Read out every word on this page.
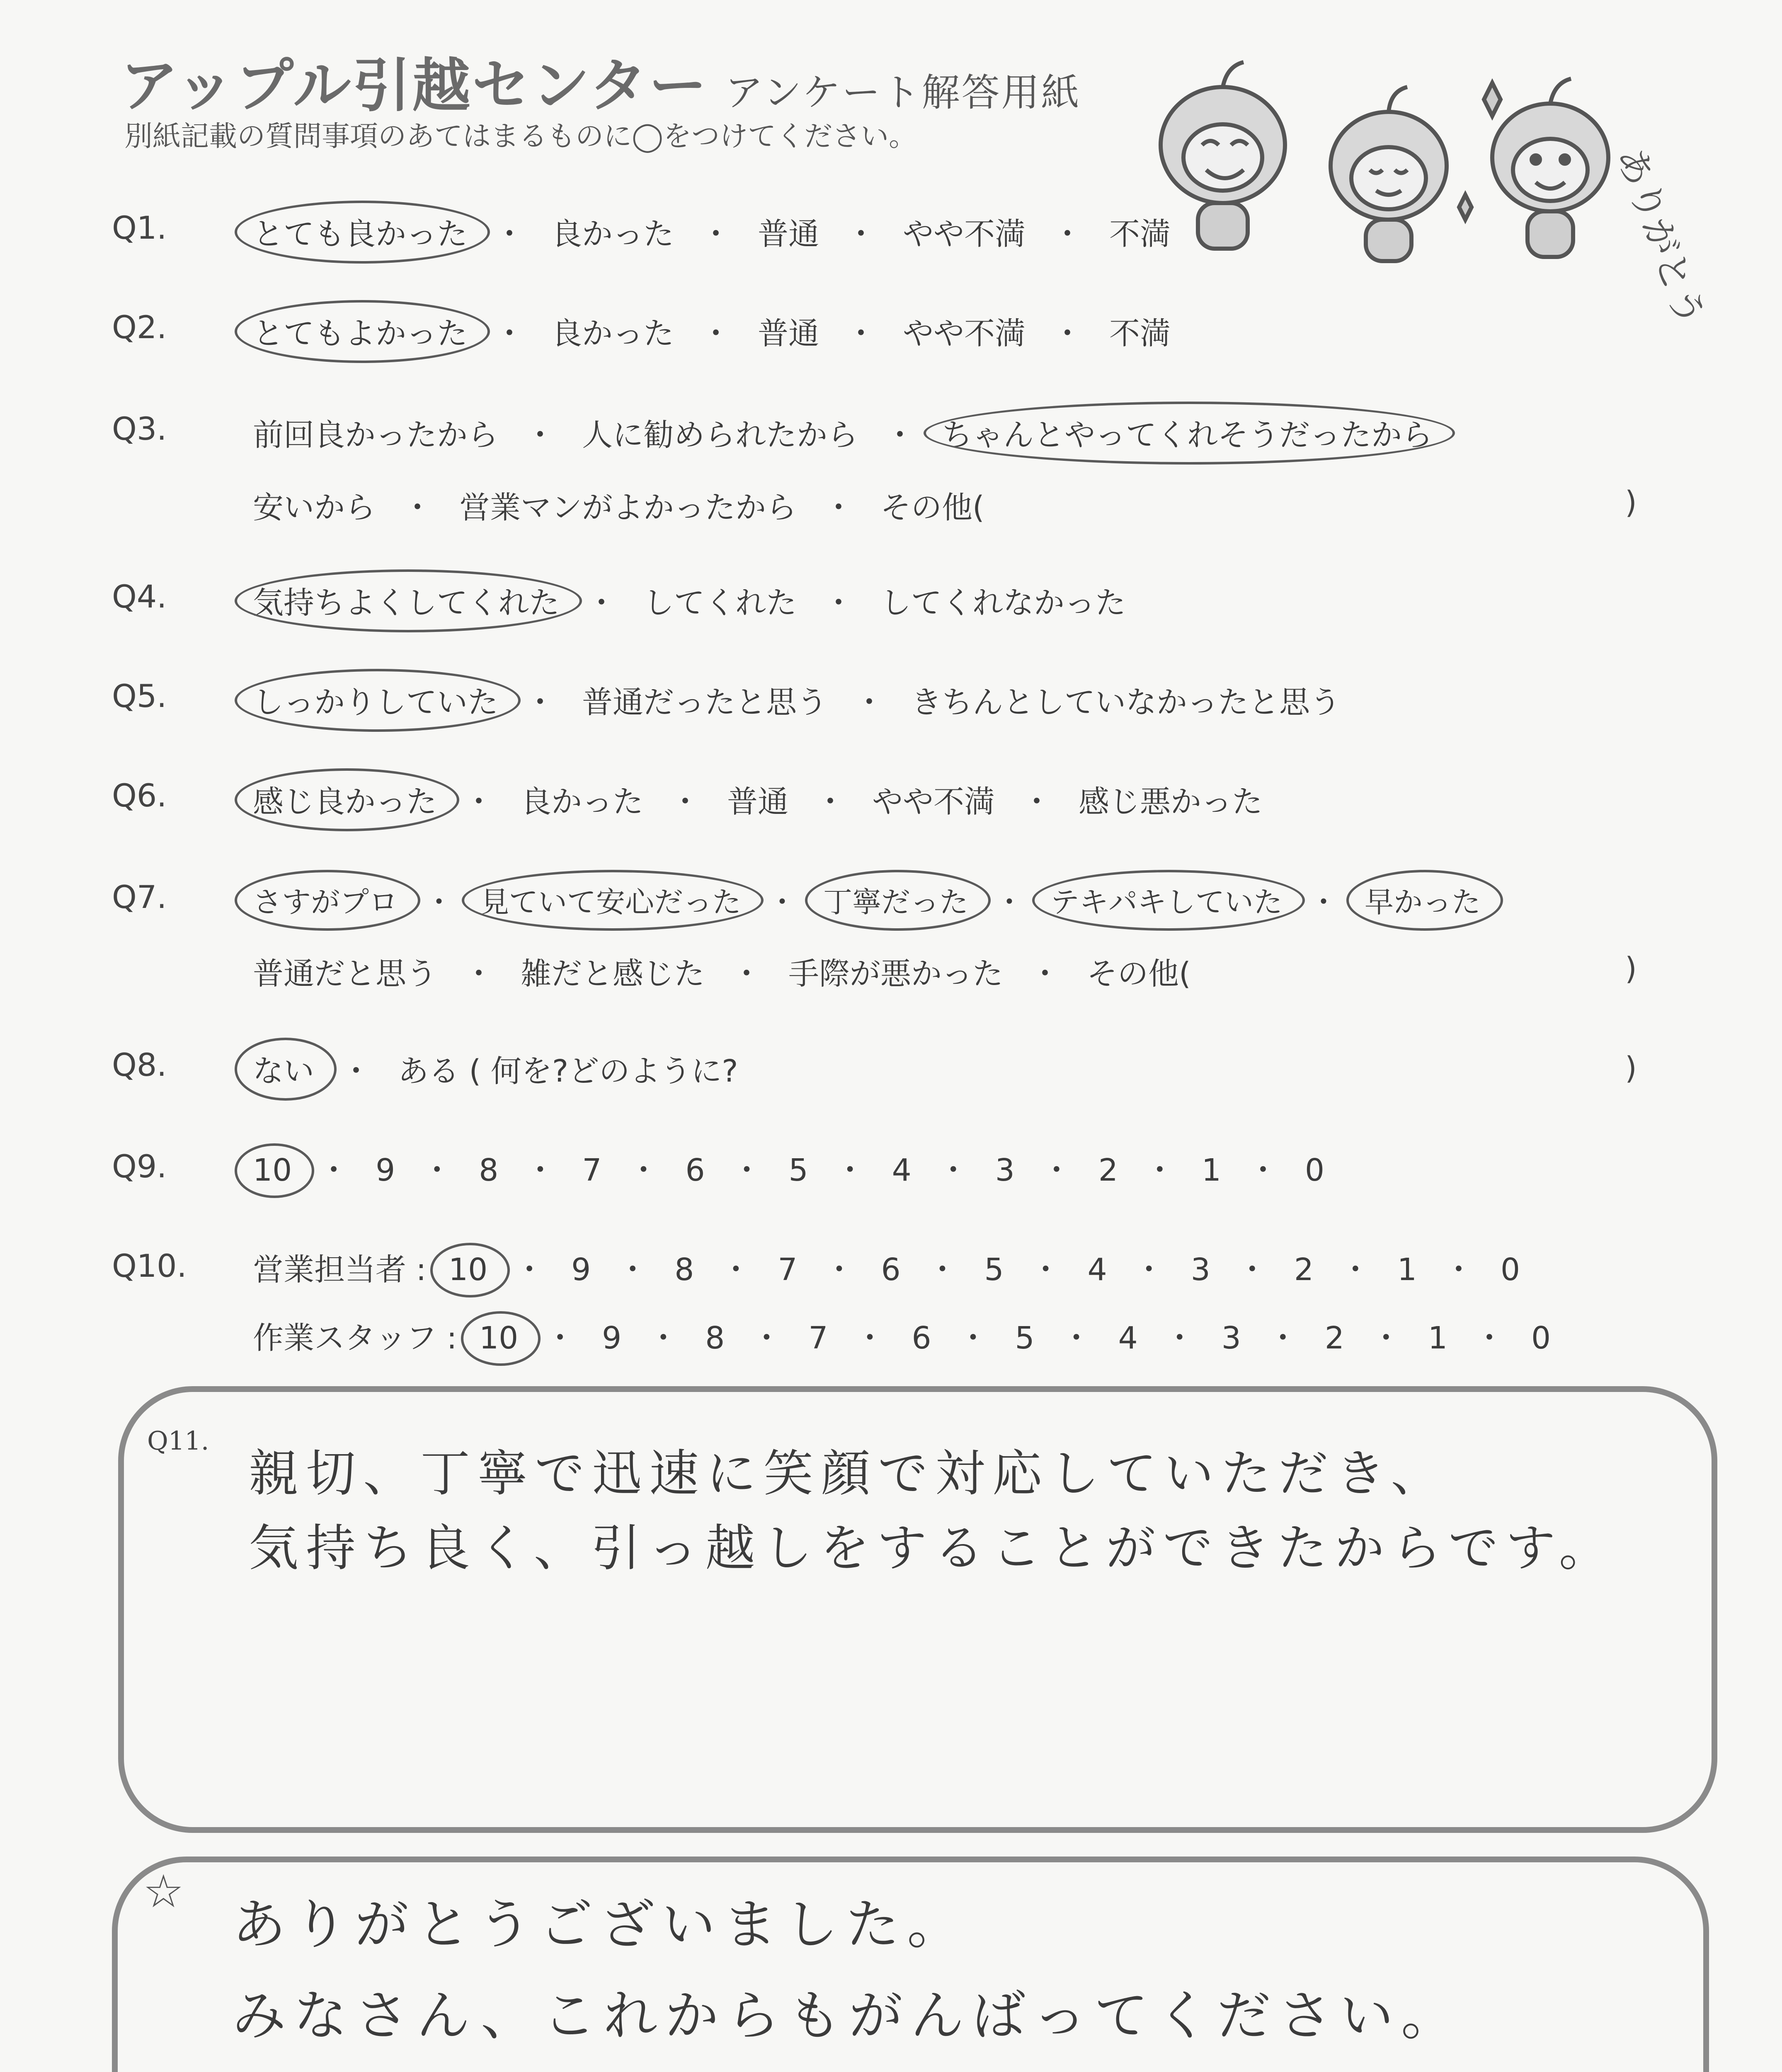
アップル引越センター アンケート解答用紙
別紙記載の質問事項のあてはまるものに◯をつけてください。
ありがとう
Q1.	とても良かった ・ 良かった ・ 普通 ・ やや不満 ・ 不満
Q2.	とてもよかった ・ 良かった ・ 普通 ・ やや不満 ・ 不満
Q3.	前回良かったから ・ 人に勧められたから ・ ちゃんとやってくれそうだったから
安いから ・ 営業マンがよかったから ・ その他(	)
Q4.	気持ちよくしてくれた ・ してくれた ・ してくれなかった
Q5.	しっかりしていた ・ 普通だったと思う ・ きちんとしていなかったと思う
Q6.	感じ良かった ・ 良かった ・ 普通 ・ やや不満 ・ 感じ悪かった
Q7.	さすがプロ ・ 見ていて安心だった ・ 丁寧だった ・ テキパキしていた ・ 早かった
普通だと思う ・ 雑だと感じた ・ 手際が悪かった ・ その他(	)
Q8.	ない ・ ある ( 何を?どのように?	)
Q9.	10 ・ 9 ・ 8 ・ 7 ・ 6 ・ 5 ・ 4 ・ 3 ・ 2 ・ 1 ・ 0
Q10. 営業担当者 : 10 ・ 9 ・ 8 ・ 7 ・ 6 ・ 5 ・ 4 ・ 3 ・ 2 ・ 1 ・ 0
作業スタッフ : 10 ・ 9 ・ 8 ・ 7 ・ 6 ・ 5 ・ 4 ・ 3 ・ 2 ・ 1 ・ 0
Q11.
親切、丁寧で迅速に笑顔で対応していただき、
気持ち良く、引っ越しをすることができたからです。
☆
ありがとうございました。
みなさん、これからもがんばってください。
